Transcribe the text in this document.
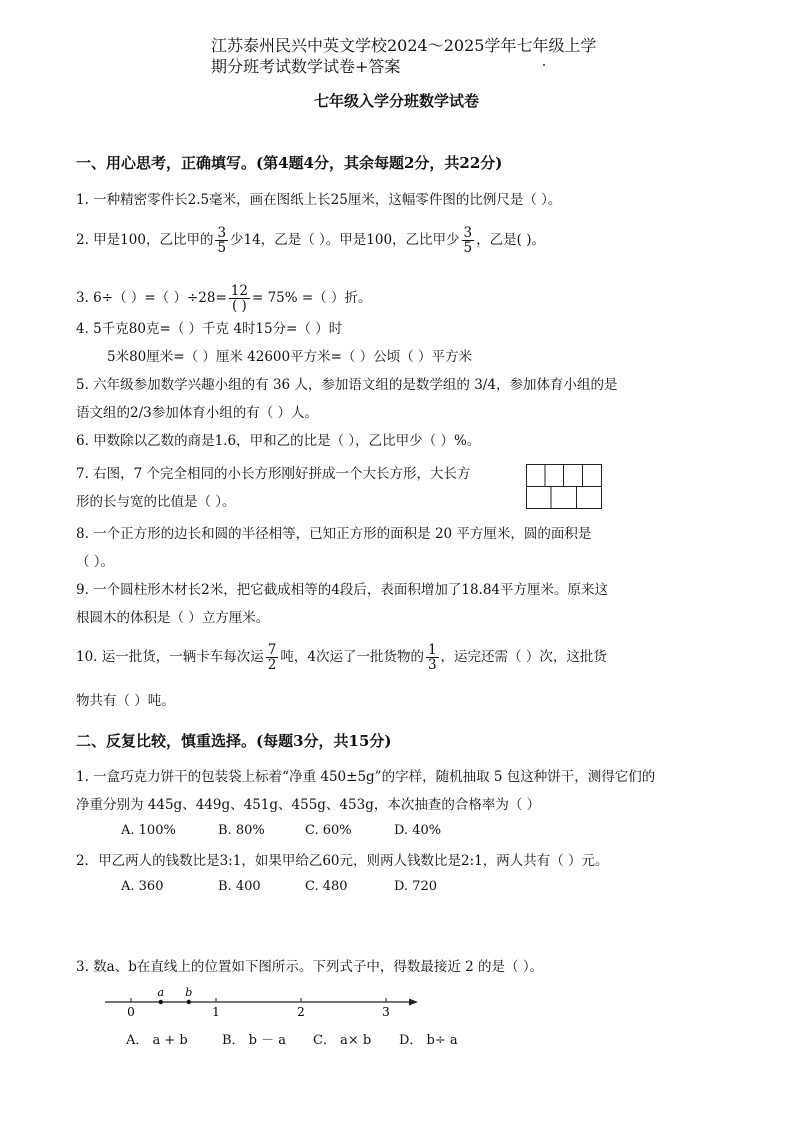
江苏泰州民兴中英文学校2024～2025学年七年级上学
期分班考试数学试卷+答案
七年级入学分班数学试卷
一、用心思考，正确填写。(第4题4分，其余每题2分，共22分)
1. 一种精密零件长2.5毫米，画在图纸上长25厘米，这幅零件图的比例尺是（ ）。
2. 甲是100，乙比甲的 $\frac{3}{5}$ 少14，乙是（ ）。甲是100，乙比甲少 $\frac{3}{5}$ ，乙是( )。
3. 6÷（ ）=（ ）$\div 28= \frac{12}{( )} = 75\%$ =（ ）折。
4. 5千克80克=（ ）千克 4时15分=（ ）时
5米80厘米=（ ）厘米 42600平方米=（ ）公顷（ ）平方米
5. 六年级参加数学兴趣小组的有 36 人，参加语文组的是数学组的 3/4，参加体育小组的是
语文组的2/3参加体育小组的有（ ）人。
6. 甲数除以乙数的商是1.6，甲和乙的比是（ ），乙比甲少（ ）%。
7. 右图，7 个完全相同的小长方形刚好拼成一个大长方形，大长方
形的长与宽的比值是（ ）。
8. 一个正方形的边长和圆的半径相等，已知正方形的面积是 20 平方厘米，圆的面积是
（ ）。
9. 一个圆柱形木材长2米，把它截成相等的4段后，表面积增加了18.84平方厘米。原来这
根圆木的体积是（ ）立方厘米。
10. 运一批货，一辆卡车每次运 $\frac{7}{2}$ 吨，4次运了一批货物的 $\frac{1}{3}$ ，运完还需（ ）次，这批货
物共有（ ）吨。
二、反复比较，慎重选择。(每题3分，共15分)
1. 一盒巧克力饼干的包装袋上标着“净重 450±5g”的字样，随机抽取 5 包这种饼干，测得它们的
净重分别为 445g、449g、451g、455g、453g，本次抽查的合格率为（ ）
A. 100%	B. 80%	C. 60%	D. 40%
2．甲乙两人的钱数比是3:1，如果甲给乙60元，则两人钱数比是2:1，两人共有（ ）元。
A. 360	B. 400	C. 480	D. 720
3. 数a、b在直线上的位置如下图所示。下列式子中，得数最接近 2 的是（ ）。
0	1	2	3
a b
A． a + b	B． b － a C． a× b D． b÷ a
